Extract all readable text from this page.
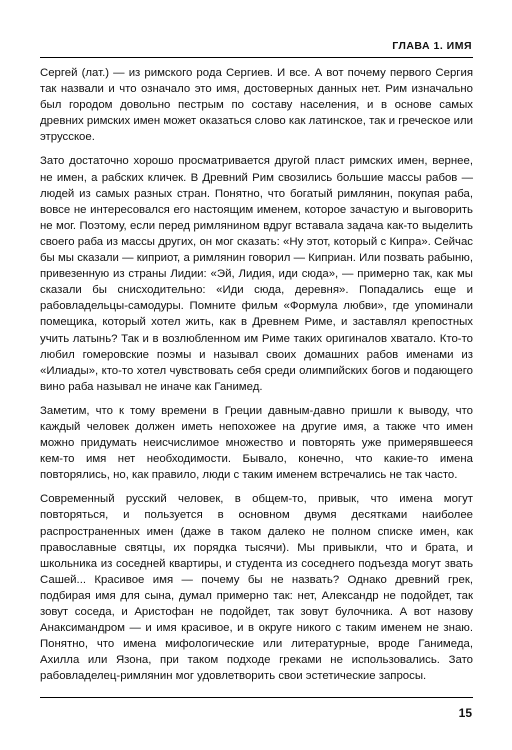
ГЛАВА 1. ИМЯ

Сергей (лат.) — из римского рода Сергиев. И все. А вот почему первого Сергия так назвали и что означало это имя, достоверных данных нет. Рим изначально был городом довольно пестрым по составу населения, и в основе самых древних римских имен может оказаться слово как латинское, так и греческое или этрусское.

Зато достаточно хорошо просматривается другой пласт римских имен, вернее, не имен, а рабских кличек. В Древний Рим свозились большие массы рабов — людей из самых разных стран. Понятно, что богатый римлянин, покупая раба, вовсе не интересовался его настоящим именем, которое зачастую и выговорить не мог. Поэтому, если перед римлянином вдруг вставала задача как-то выделить своего раба из массы других, он мог сказать: «Ну этот, который с Кипра». Сейчас бы мы сказали — киприот, а римлянин говорил — Киприан. Или позвать рабыню, привезенную из страны Лидии: «Эй, Лидия, иди сюда», — примерно так, как мы сказали бы снисходительно: «Иди сюда, деревня». Попадались еще и рабовладельцы-самодуры. Помните фильм «Формула любви», где упоминали помещика, который хотел жить, как в Древнем Риме, и заставлял крепостных учить латынь? Так и в возлюбленном им Риме таких оригиналов хватало. Кто-то любил гомеровские поэмы и называл своих домашних рабов именами из «Илиады», кто-то хотел чувствовать себя среди олимпийских богов и подающего вино раба называл не иначе как Ганимед.

Заметим, что к тому времени в Греции давным-давно пришли к выводу, что каждый человек должен иметь непохожее на другие имя, а также что имен можно придумать неисчислимое множество и повторять уже примерявшееся кем-то имя нет необходимости. Бывало, конечно, что какие-то имена повторялись, но, как правило, люди с таким именем встречались не так часто.

Современный русский человек, в общем-то, привык, что имена могут повторяться, и пользуется в основном двумя десятками наиболее распространенных имен (даже в таком далеко не полном списке имен, как православные святцы, их порядка тысячи). Мы привыкли, что и брата, и школьника из соседней квартиры, и студента из соседнего подъезда могут звать Сашей... Красивое имя — почему бы не назвать? Однако древний грек, подбирая имя для сына, думал примерно так: нет, Александр не подойдет, так зовут соседа, и Аристофан не подойдет, так зовут булочника. А вот назову Анаксимандром — и имя красивое, и в округе никого с таким именем не знаю. Понятно, что имена мифологические или литературные, вроде Ганимеда, Ахилла или Язона, при таком подходе греками не использовались. Зато рабовладелец-римлянин мог удовлетворить свои эстетические запросы.

15
